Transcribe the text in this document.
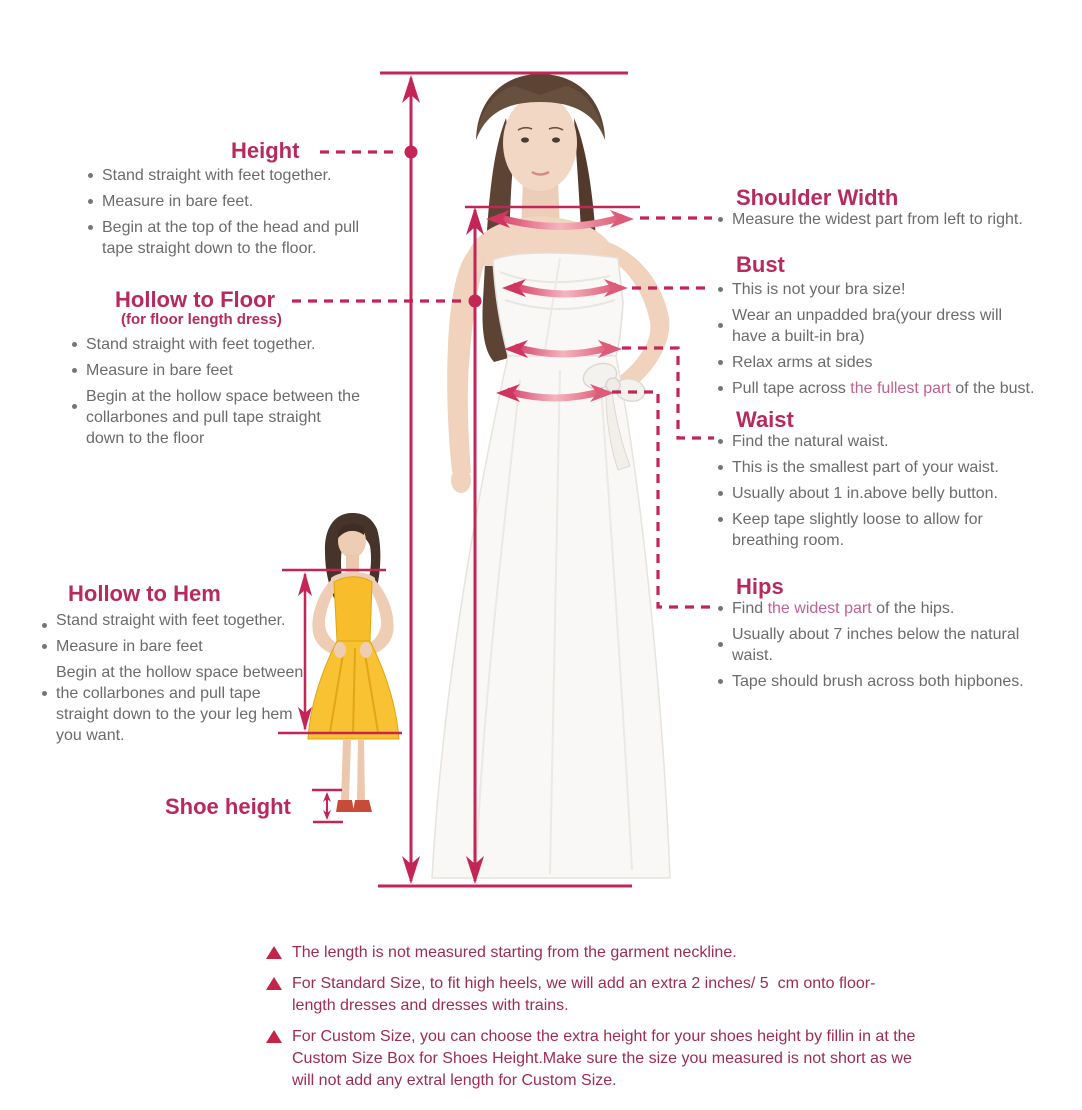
Height
Stand straight with feet together.
Measure in bare feet.
Begin at the top of the head and pull tape straight down to the floor.
Hollow to Floor
(for floor length dress)
Stand straight with feet together.
Measure in bare feet
Begin at the hollow space between the collarbones and pull tape straight down to the floor
Hollow to Hem
Stand straight with feet together.
Measure in bare feet
Begin at the hollow space between the collarbones and pull tape straight down to the your leg hem  you want.
Shoe height
Shoulder Width
Measure the widest part from left to right.
Bust
This is not your bra size!
Wear an unpadded bra(your dress will have a built-in bra)
Relax arms at sides
Pull tape across the fullest part of the bust.
Waist
Find the natural waist.
This is the smallest part of your waist.
Usually about 1 in.above belly button.
Keep tape slightly loose to allow for breathing room.
Hips
Find the widest part of the hips.
Usually about 7 inches below the natural waist.
Tape should brush across both hipbones.
The length is not measured starting from the garment neckline.
For Standard Size, to fit high heels, we will add an extra 2 inches/ 5  cm onto floor-length dresses and dresses with trains.
For Custom Size, you can choose the extra height for your shoes height by fillin in at the Custom Size Box for Shoes Height.Make sure the size you measured is not short as we will not add any extral length for Custom Size.
